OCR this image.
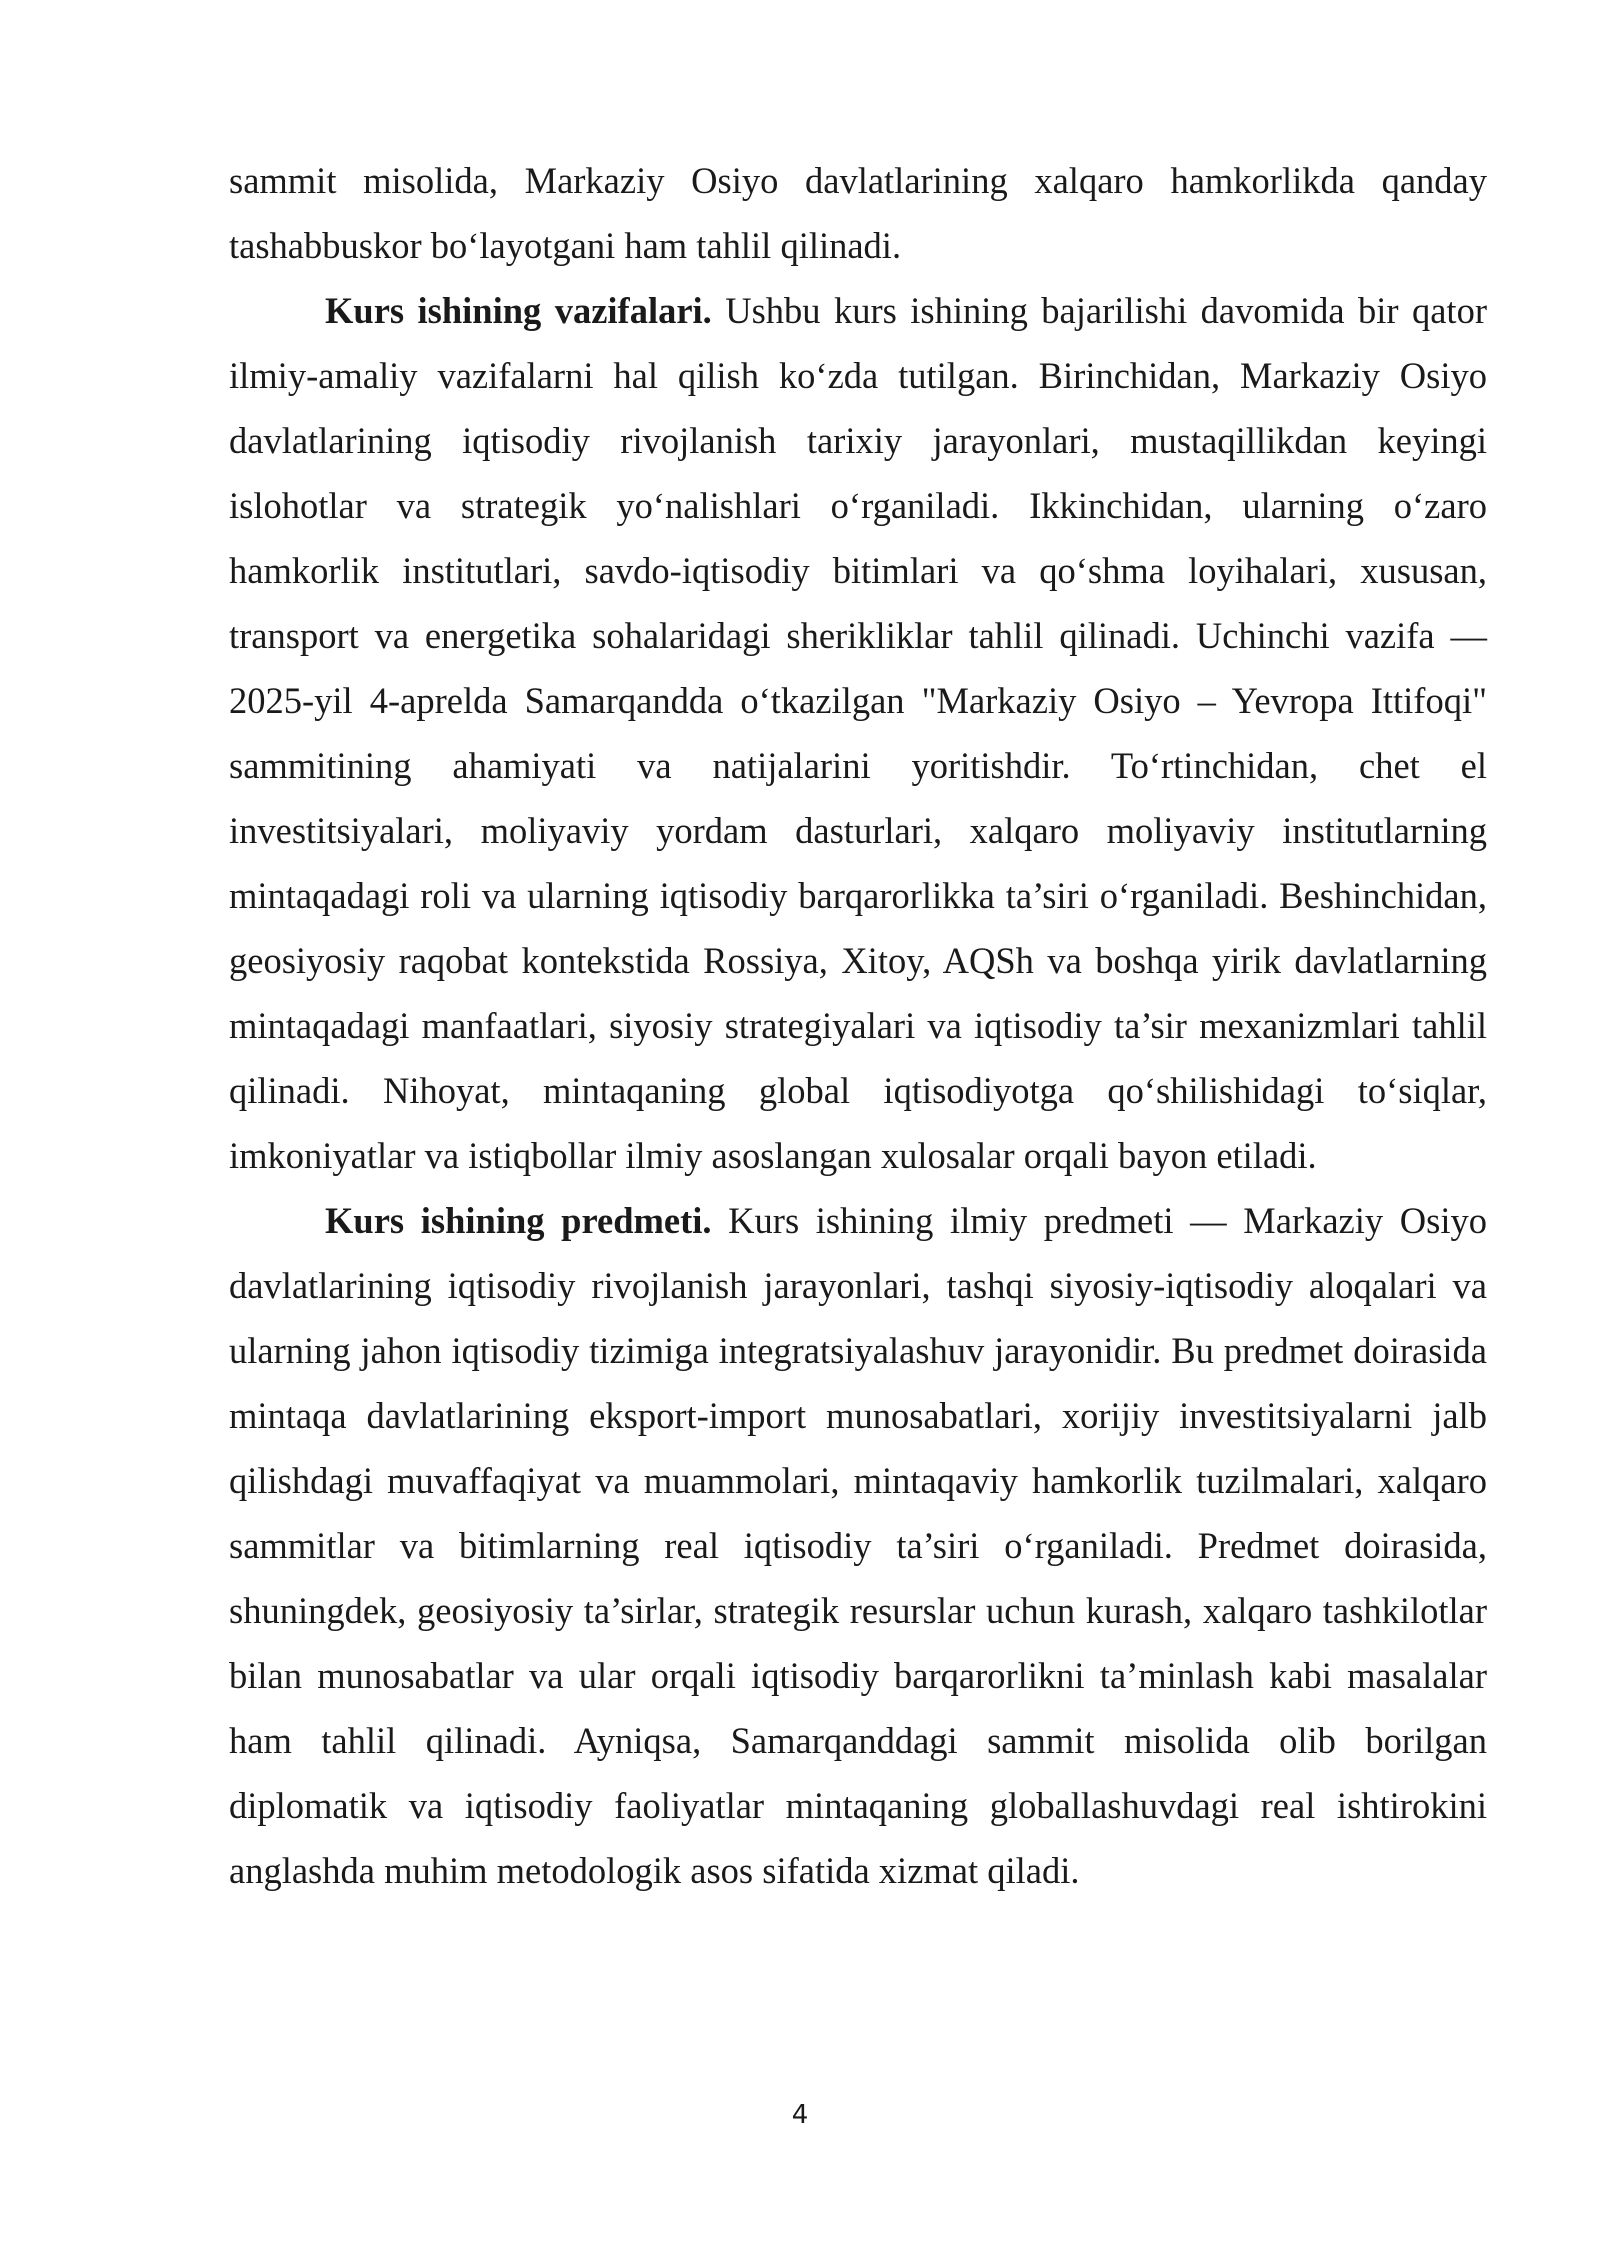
sammit misolida, Markaziy Osiyo davlatlarining xalqaro hamkorlikda qanday tashabbuskor bo‘layotgani ham tahlil qilinadi.

Kurs ishining vazifalari. Ushbu kurs ishining bajarilishi davomida bir qator ilmiy-amaliy vazifalarni hal qilish ko‘zda tutilgan. Birinchidan, Markaziy Osiyo davlatlarining iqtisodiy rivojlanish tarixiy jarayonlari, mustaqillikdan keyingi islohotlar va strategik yo‘nalishlari o‘rganiladi. Ikkinchidan, ularning o‘zaro hamkorlik institutlari, savdo-iqtisodiy bitimlari va qo‘shma loyihalari, xususan, transport va energetika sohalaridagi sherikliklar tahlil qilinadi. Uchinchi vazifa — 2025-yil 4-aprelda Samarqandda o‘tkazilgan "Markaziy Osiyo – Yevropa Ittifoqi" sammitining ahamiyati va natijalarini yoritishdir. To‘rtinchidan, chet el investitsiyalari, moliyaviy yordam dasturlari, xalqaro moliyaviy institutlarning mintaqadagi roli va ularning iqtisodiy barqarorlikka ta’siri o‘rganiladi. Beshinchidan, geosiyosiy raqobat kontekstida Rossiya, Xitoy, AQSh va boshqa yirik davlatlarning mintaqadagi manfaatlari, siyosiy strategiyalari va iqtisodiy ta’sir mexanizmlari tahlil qilinadi. Nihoyat, mintaqaning global iqtisodiyotga qo‘shilishidagi to‘siqlar, imkoniyatlar va istiqbollar ilmiy asoslangan xulosalar orqali bayon etiladi.

Kurs ishining predmeti. Kurs ishining ilmiy predmeti — Markaziy Osiyo davlatlarining iqtisodiy rivojlanish jarayonlari, tashqi siyosiy-iqtisodiy aloqalari va ularning jahon iqtisodiy tizimiga integratsiyalashuv jarayonidir. Bu predmet doirasida mintaqa davlatlarining eksport-import munosabatlari, xorijiy investitsiyalarni jalb qilishdagi muvaffaqiyat va muammolari, mintaqaviy hamkorlik tuzilmalari, xalqaro sammitlar va bitimlarning real iqtisodiy ta’siri o‘rganiladi. Predmet doirasida, shuningdek, geosiyosiy ta’sirlar, strategik resurslar uchun kurash, xalqaro tashkilotlar bilan munosabatlar va ular orqali iqtisodiy barqarorlikni ta’minlash kabi masalalar ham tahlil qilinadi. Ayniqsa, Samarqanddagi sammit misolida olib borilgan diplomatik va iqtisodiy faoliyatlar mintaqaning globallashuvdagi real ishtirokini anglashda muhim metodologik asos sifatida xizmat qiladi.

4
